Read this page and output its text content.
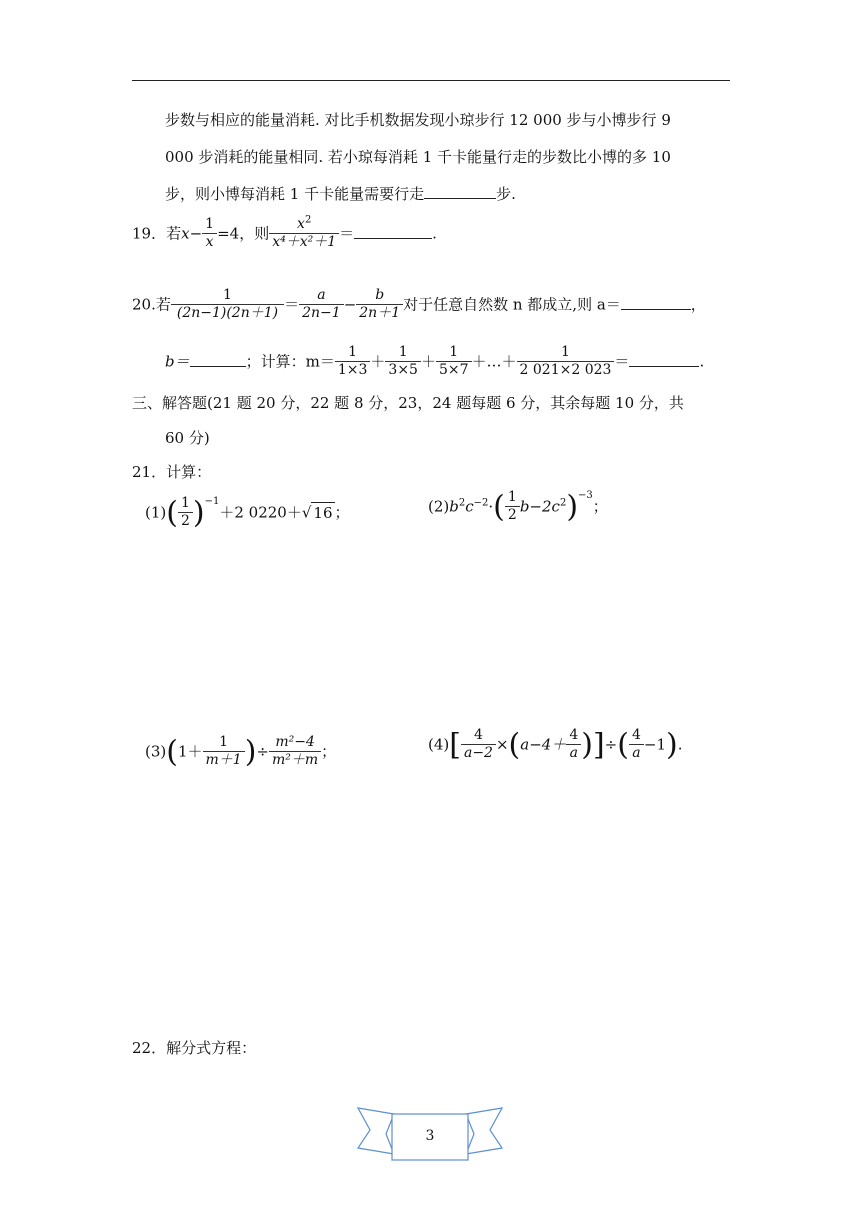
步数与相应的能量消耗. 对比手机数据发现小琼步行 12 000 步与小博步行 9
000 步消耗的能量相同. 若小琼每消耗 1 千卡能量行走的步数比小博的多 10
步，则小博每消耗 1 千卡能量需要行走	步.
19．若$x- \frac{1}{x} =4$，则 $\frac{x^2}{\text{x⁴＋x²＋1}}$ ＝	.
20.若 $\frac{1}{(2n-1)(2n+1)} = \frac{a}{2n-1} - \frac{b}{2n+1}$ 对于任意自然数 n 都成立,则 a＝	，
b＝	；计算：$m= \frac{1}{1\times 3} + \frac{1}{3\times 5} + \frac{1}{5\times 7}$ ＋…＋ $\frac{1}{2 021\times 2 023}$ ＝	.
三、解答题(21 题 20 分，22 题 8 分，23，24 题每题 6 分，其余每题 10 分，共
60 分)
21．计算：
$(1)( \frac{1}{2} )^{-1}+2$ 0220＋√ 16 ；	$(2)b^2c^{-2}\cdot( \frac{1}{2} b-2c^2)^{-3}$；
$(3)(1+ \frac{1}{m+1}$ )÷ $\frac{\text{m²−4}}{\text{m²＋m}}$ ；	$(4)[ \frac{4}{a-2} \times(a-4+ \frac{4}{a}$ )]÷( $\frac{4}{a} -1$).
22．解分式方程：
3
